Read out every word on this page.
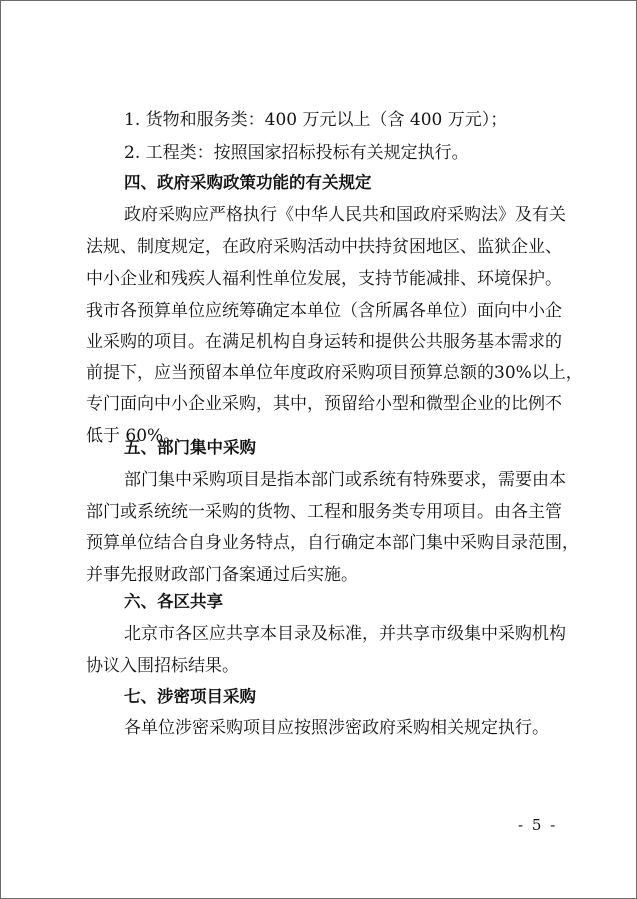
1. 货物和服务类：400 万元以上（含 400 万元）；
2. 工程类：按照国家招标投标有关规定执行。
四、政府采购政策功能的有关规定
政府采购应严格执行《中华人民共和国政府采购法》及有关
法规、制度规定，在政府采购活动中扶持贫困地区、监狱企业、
中小企业和残疾人福利性单位发展，支持节能减排、环境保护。
我市各预算单位应统筹确定本单位（含所属各单位）面向中小企
业采购的项目。在满足机构自身运转和提供公共服务基本需求的
前提下，应当预留本单位年度政府采购项目预算总额的30%以上，
专门面向中小企业采购，其中，预留给小型和微型企业的比例不
低于 60%。
五、部门集中采购
部门集中采购项目是指本部门或系统有特殊要求，需要由本
部门或系统统一采购的货物、工程和服务类专用项目。由各主管
预算单位结合自身业务特点，自行确定本部门集中采购目录范围，
并事先报财政部门备案通过后实施。
六、各区共享
北京市各区应共享本目录及标准，并共享市级集中采购机构
协议入围招标结果。
七、涉密项目采购
各单位涉密采购项目应按照涉密政府采购相关规定执行。
- 5 -
